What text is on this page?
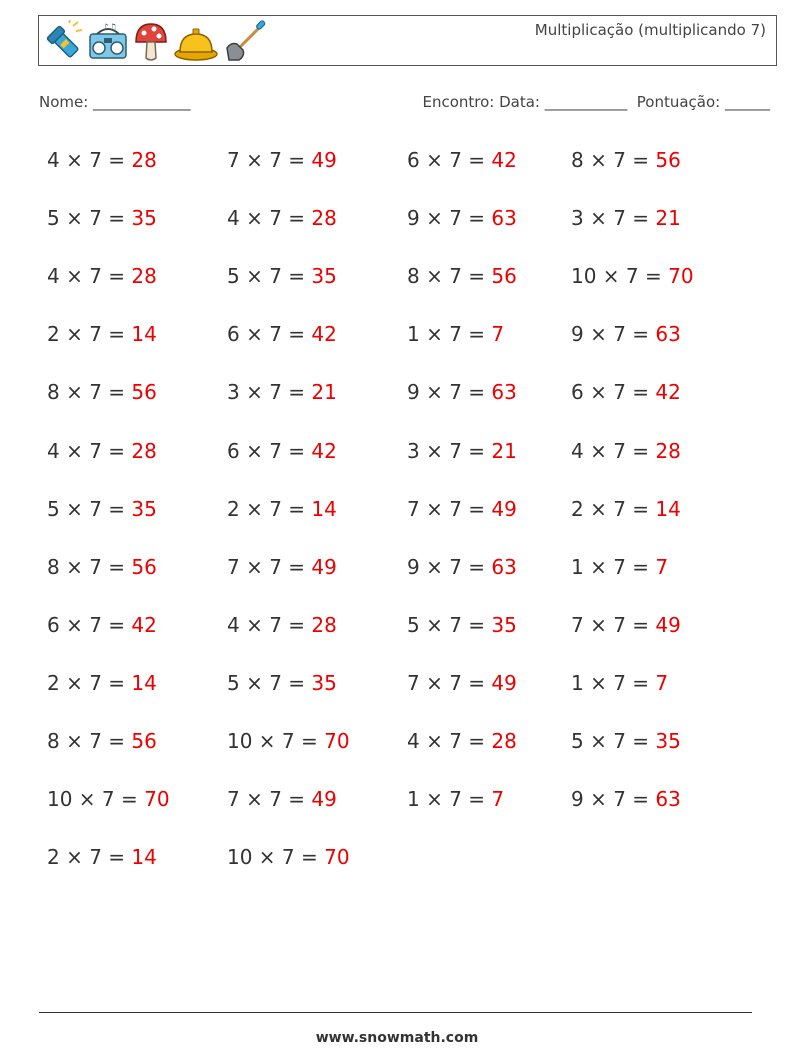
♪♫	Multiplicação (multiplicando 7)
Nome: _____________	Encontro: Data: ___________  Pontuação: ______
4 × 7 = 28	7 × 7 = 49	6 × 7 = 42	8 × 7 = 56
5 × 7 = 35	4 × 7 = 28	9 × 7 = 63	3 × 7 = 21
4 × 7 = 28	5 × 7 = 35	8 × 7 = 56	10 × 7 = 70
2 × 7 = 14	6 × 7 = 42	1 × 7 = 7	9 × 7 = 63
8 × 7 = 56	3 × 7 = 21	9 × 7 = 63	6 × 7 = 42
4 × 7 = 28	6 × 7 = 42	3 × 7 = 21	4 × 7 = 28
5 × 7 = 35	2 × 7 = 14	7 × 7 = 49	2 × 7 = 14
8 × 7 = 56	7 × 7 = 49	9 × 7 = 63	1 × 7 = 7
6 × 7 = 42	4 × 7 = 28	5 × 7 = 35	7 × 7 = 49
2 × 7 = 14	5 × 7 = 35	7 × 7 = 49	1 × 7 = 7
8 × 7 = 56	10 × 7 = 70	4 × 7 = 28	5 × 7 = 35
10 × 7 = 70	7 × 7 = 49	1 × 7 = 7	9 × 7 = 63
2 × 7 = 14	10 × 7 = 70
www.snowmath.com
